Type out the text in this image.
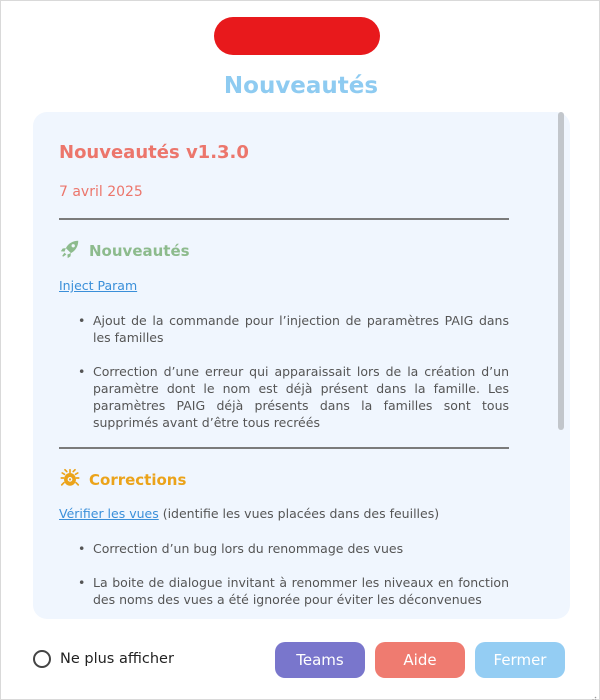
Nouveautés
Nouveautés v1.3.0
7 avril 2025
Nouveautés
Inject Param
• Ajout de la commande pour l’injection de paramètres PAIG dans les familles
• Correction d’une erreur qui apparaissait lors de la création d’un paramètre dont le nom est déjà présent dans la famille. Les paramètres PAIG déjà présents dans la familles sont tous supprimés avant d’être tous recréés
Corrections
Vérifier les vues (identifie les vues placées dans des feuilles)
• Correction d’un bug lors du renommage des vues
• La boite de dialogue invitant à renommer les niveaux en fonction des noms des vues a été ignorée pour éviter les déconvenues
Ne plus afficher	Teams	Aide	Fermer
